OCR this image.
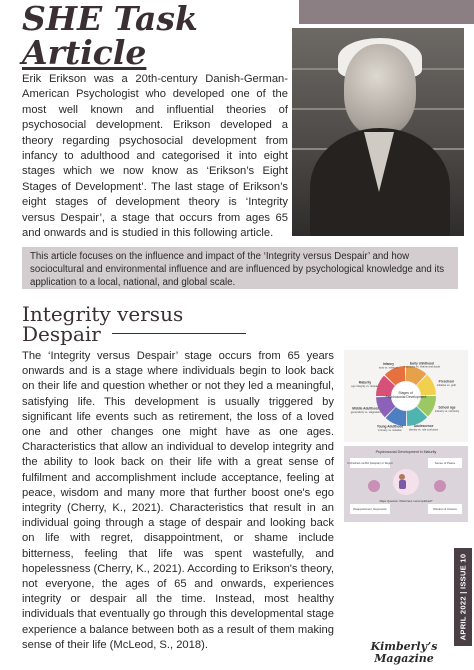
SHE Task
Article

Erik Erikson was a 20th-century Danish-German-American Psychologist who developed one of the most well known and influential theories of psychosocial development. Erikson developed a theory regarding psychosocial development from infancy to adulthood and categorised it into eight stages which we now know as ‘Erikson’s Eight Stages of Development’. The last stage of Erikson’s eight stages of development theory is ‘Integrity versus Despair’, a stage that occurs from ages 65 and onwards and is studied in this following article.

This article focuses on the influence and impact of the ‘Integrity versus Despair’ and how sociocultural and environmental influence and are influenced by psychological knowledge and its application to a local, national, and global scale.

Integrity versus
Despair

The ‘Integrity versus Despair’ stage occurs from 65 years onwards and is a stage where individuals begin to look back on their life and question whether or not they led a meaningful, satisfying life. This development is usually triggered by significant life events such as retirement, the loss of a loved one and other changes one might have as one ages. Characteristics that allow an individual to develop integrity and the ability to look back on their life with a great sense of fulfilment and accomplishment include acceptance, feeling at peace, wisdom and many more that further boost one's ego integrity (Cherry, K., 2021). Characteristics that result in an individual going through a stage of despair and looking back on life with regret, disappointment, or shame include bitterness, feeling that life was spent wastefully, and hopelessness (Cherry, K., 2021). According to Erikson's theory, not everyone, the ages of 65 and onwards, experiences integrity or despair all the time. Instead, most healthy individuals that eventually go through this developmental stage experience a balance between both as a result of them making sense of their life (McLeod, S., 2018).

Stages of Psychosocial Development
Early childhood autonomy vs. shame and doubt
Preschool initiative vs. guilt
School age industry vs. inferiority
Adolescence identity vs. role confusion
Young Adulthood intimacy vs. isolation
Middle Adulthood generativity vs. stagnation
Maturity ego integrity vs. despair
Infancy trust vs. mistrust
Psychosocial Development in Maturity
Unfinished conflict (Despair) or Regret	Sense of Peace
Major Question: What have I accomplished?
Disappointment, Depression	Wisdom & Closure
APRIL 2022 | ISSUE 10
Kimberly’s
Magazine
